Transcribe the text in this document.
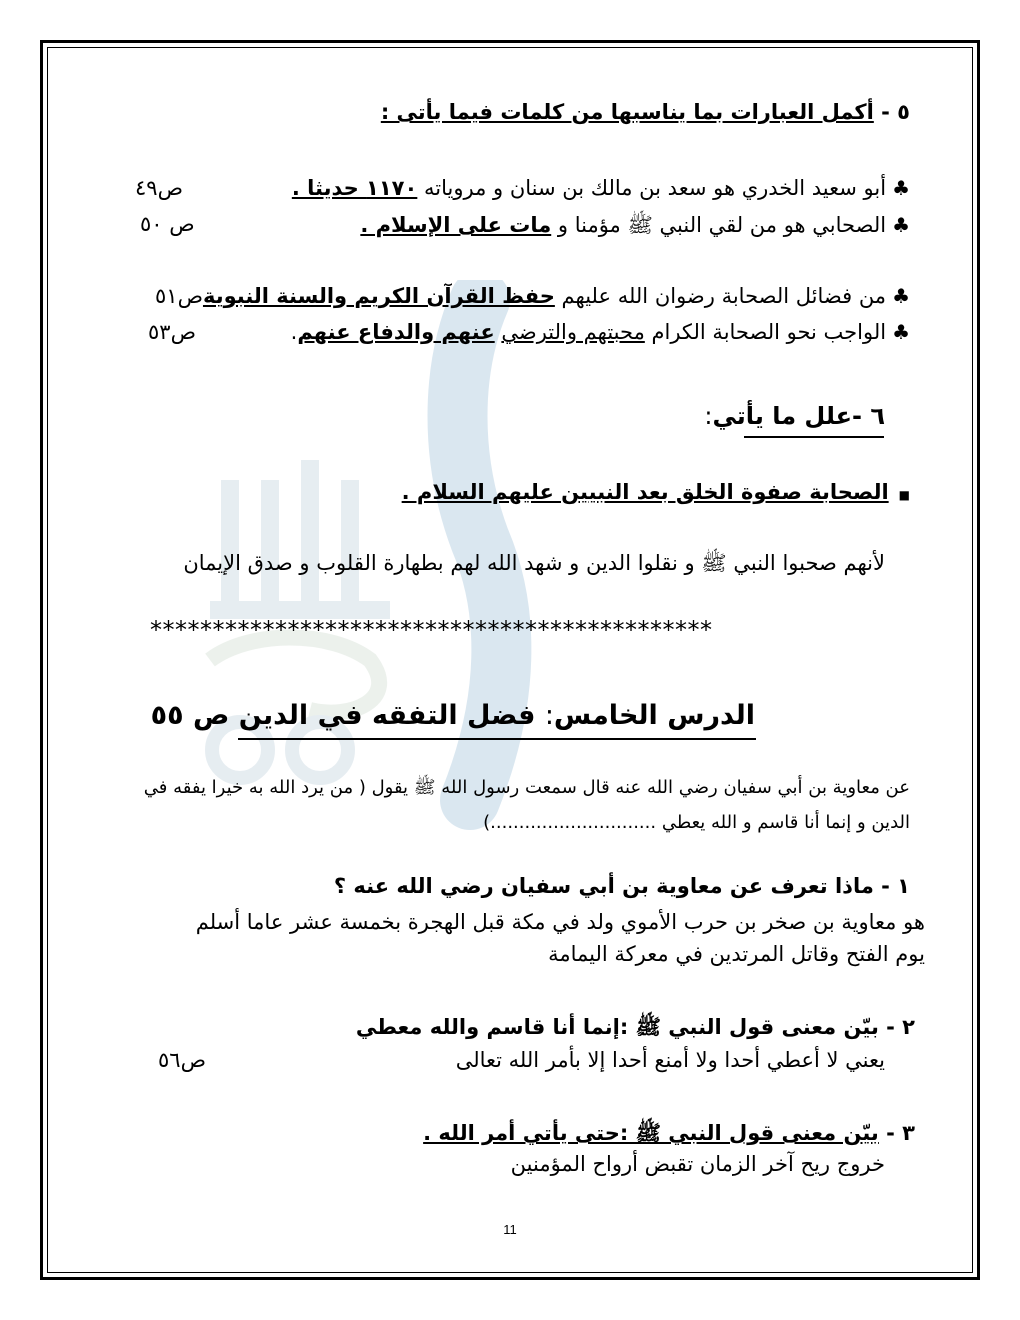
٥ - أكمل العبارات بما يناسبها من كلمات فيما يأتى :
♣أبو سعيد الخدري هو سعد بن مالك بن سنان و مروياته ١١٧٠ حديثا .
ص٤٩
♣الصحابي هو من لقي النبي ﷺ مؤمنا و مات على الإسلام .
ص ٥٠
♣من فضائل الصحابة رضوان الله عليهم حفظ القرآن الكريم والسنة النبويةص٥١
♣الواجب نحو الصحابة الكرام محبتهم والترضي عنهم والدفاع عنهم.
ص٥٣
٦ -علل ما يأتي:
■الصحابة صفوة الخلق بعد النبيين عليهم السلام .
لأنهم صحبوا النبي ﷺ و نقلوا الدين و شهد الله لهم بطهارة القلوب و صدق الإيمان
*********************************************
الدرس الخامس: فضل التفقه في الدين ص ٥٥
عن معاوية بن أبي سفيان رضي الله عنه قال سمعت رسول الله ﷺ يقول ( من يرد الله به خيرا يفقه في
الدين و إنما أنا قاسم و الله يعطي .............................)
١ - ماذا تعرف عن معاوية بن أبي سفيان رضي الله عنه ؟
هو معاوية بن صخر بن حرب الأموي ولد في مكة قبل الهجرة بخمسة عشر عاما أسلم
يوم الفتح وقاتل المرتدين في معركة اليمامة
٢ - بيّن معنى قول النبي ﷺ :إنما أنا قاسم والله معطي
يعني لا أعطي أحدا ولا أمنع أحدا إلا بأمر الله تعالى
ص٥٦
٣ - بيّن معنى قول النبي ﷺ :حتى يأتي أمر الله .
خروج ريح آخر الزمان تقبض أرواح المؤمنين
11
